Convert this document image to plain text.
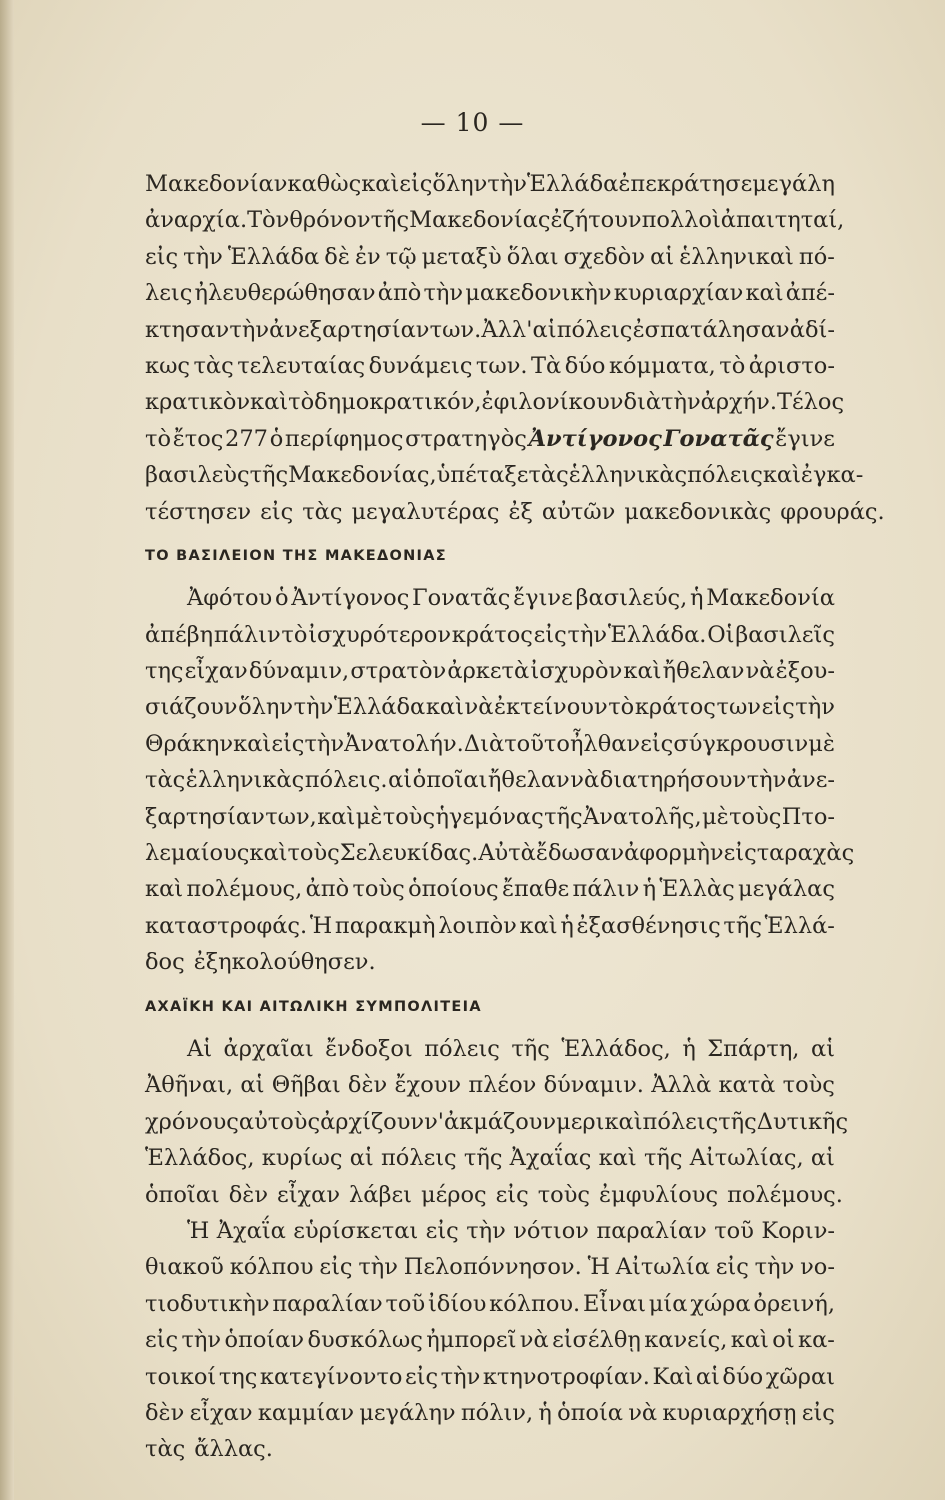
— 10 —
Μακεδονίαν καθὼς καὶ εἰς ὅλην τὴν Ἑλλάδα ἐπεκράτησε μεγάλη
ἀναρχία. Τὸν θρόνον τῆς Μακεδονίας ἐζήτουν πολλοὶ ἀπαιτηταί,
εἰς τὴν Ἑλλάδα δὲ ἐν τῷ μεταξὺ ὅλαι σχεδὸν αἱ ἑλληνικαὶ πό-
λεις ἠλευθερώθησαν ἀπὸ τὴν μακεδονικὴν κυριαρχίαν καὶ ἀπέ-
κτησαν τὴν ἀνεξαρτησίαν των. Ἀλλ' αἱ πόλεις ἐσπατάλησαν ἀδί-
κως τὰς τελευταίας δυνάμεις των. Τὰ δύο κόμματα, τὸ ἀριστο-
κρατικὸν καὶ τὸ δημοκρατικόν, ἐφιλονίκουν διὰ τὴν ἀρχήν. Τέλος
τὸ ἔτος 277 ὁ περίφημος στρατηγὸς Ἀντίγονος Γονατᾶς ἔγινε
βασιλεὺς τῆς Μακεδονίας, ὑπέταξε τὰς ἑλληνικὰς πόλεις καὶ ἐγκα-
τέστησεν εἰς τὰς μεγαλυτέρας ἐξ αὐτῶν μακεδονικὰς φρουράς.
ΤΟ ΒΑΣΙΛΕΙΟΝ ΤΗΣ ΜΑΚΕΔΟΝΙΑΣ
Ἀφότου ὁ Ἀντίγονος Γονατᾶς ἔγινε βασιλεύς, ἡ Μακεδονία
ἀπέβη πάλιν τὸ ἰσχυρότερον κράτος εἰς τὴν Ἑλλάδα. Οἱ βασιλεῖς
της εἶχαν δύναμιν, στρατὸν ἀρκετὰ ἰσχυρὸν καὶ ἤθελαν νὰ ἐξου-
σιάζουν ὅλην τὴν Ἑλλάδα καὶ νὰ ἐκτείνουν τὸ κράτος των εἰς τὴν
Θράκην καὶ εἰς τὴν Ἀνατολήν. Διὰ τοῦτο ἦλθαν εἰς σύγκρουσιν μὲ
τὰς ἑλληνικὰς πόλεις. αἱ ὁποῖαι ἤθελαν νὰ διατηρήσουν τὴν ἀνε-
ξαρτησίαν των, καὶ μὲ τοὺς ἡγεμόνας τῆς Ἀνατολῆς, μὲ τοὺς Πτο-
λεμαίους καὶ τοὺς Σελευκίδας. Αὐτὰ ἔδωσαν ἀφορμὴν εἰς ταραχὰς
καὶ πολέμους, ἀπὸ τοὺς ὁποίους ἔπαθε πάλιν ἡ Ἑλλὰς μεγάλας
καταστροφάς. Ἡ παρακμὴ λοιπὸν καὶ ἡ ἐξασθένησις τῆς Ἑλλά-
δος ἐξηκολούθησεν.
ΑΧΑΪΚΗ ΚΑΙ ΑΙΤΩΛΙΚΗ ΣΥΜΠΟΛΙΤΕΙΑ
Αἱ ἀρχαῖαι ἔνδοξοι πόλεις τῆς Ἑλλάδος, ἡ Σπάρτη, αἱ
Ἀθῆναι, αἱ Θῆβαι δὲν ἔχουν πλέον δύναμιν. Ἀλλὰ κατὰ τοὺς
χρόνους αὐτοὺς ἀρχίζουν ν' ἀκμάζουν μερικαὶ πόλεις τῆς Δυτικῆς
Ἑλλάδος, κυρίως αἱ πόλεις τῆς Ἀχαΐας καὶ τῆς Αἰτωλίας, αἱ
ὁποῖαι δὲν εἶχαν λάβει μέρος εἰς τοὺς ἐμφυλίους πολέμους.
Ἡ Ἀχαΐα εὑρίσκεται εἰς τὴν νότιον παραλίαν τοῦ Κοριν-
θιακοῦ κόλπου εἰς τὴν Πελοπόννησον. Ἡ Αἰτωλία εἰς τὴν νο-
τιοδυτικὴν παραλίαν τοῦ ἰδίου κόλπου. Εἶναι μία χώρα ὀρεινή,
εἰς τὴν ὁποίαν δυσκόλως ἠμπορεῖ νὰ εἰσέλθῃ κανείς, καὶ οἱ κα-
τοικοί της κατεγίνοντο εἰς τὴν κτηνοτροφίαν. Καὶ αἱ δύο χῶραι
δὲν εἶχαν καμμίαν μεγάλην πόλιν, ἡ ὁποία νὰ κυριαρχήσῃ εἰς
τὰς ἄλλας.
